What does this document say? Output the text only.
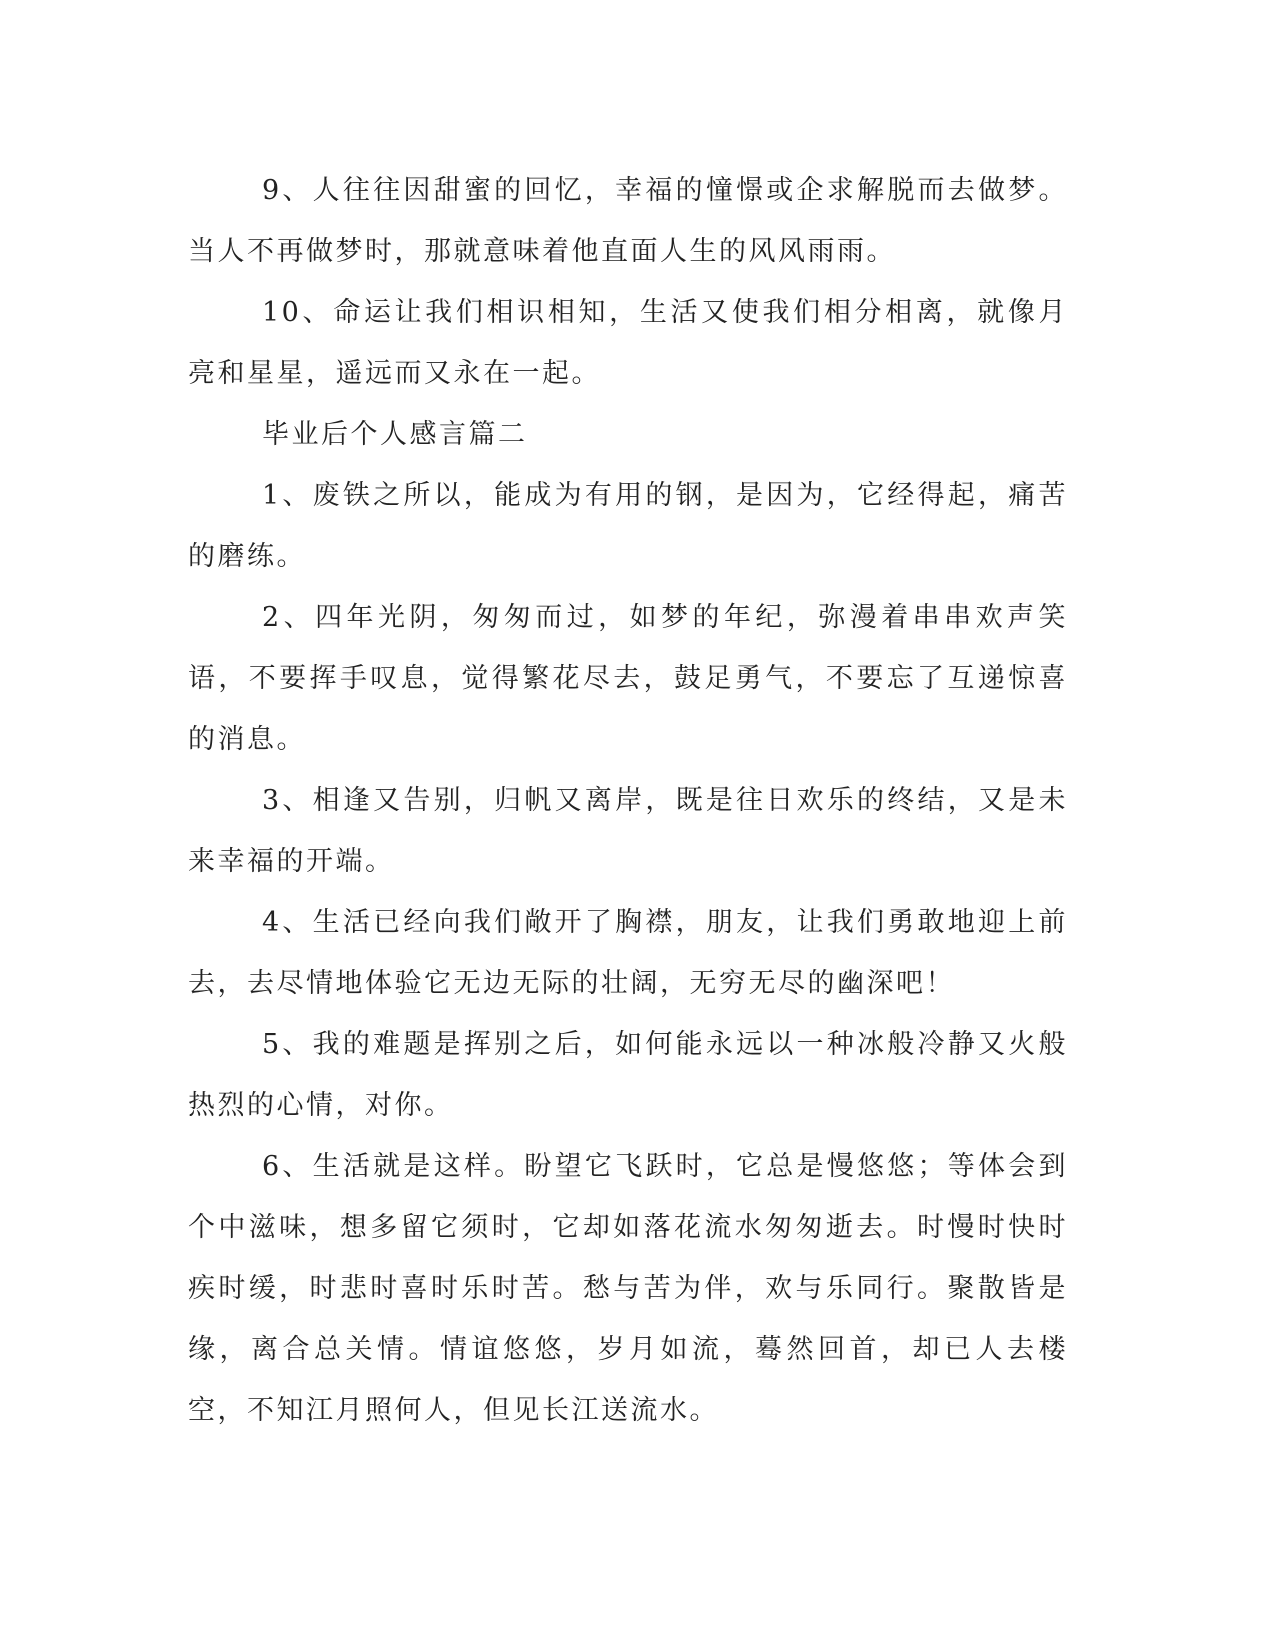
9、人往往因甜蜜的回忆，幸福的憧憬或企求解脱而去做梦。当人不再做梦时，那就意味着他直面人生的风风雨雨。

10、命运让我们相识相知，生活又使我们相分相离，就像月亮和星星，遥远而又永在一起。

毕业后个人感言篇二

1、废铁之所以，能成为有用的钢，是因为，它经得起，痛苦的磨练。

2、四年光阴，匆匆而过，如梦的年纪，弥漫着串串欢声笑语，不要挥手叹息，觉得繁花尽去，鼓足勇气，不要忘了互递惊喜的消息。

3、相逢又告别，归帆又离岸，既是往日欢乐的终结，又是未来幸福的开端。

4、生活已经向我们敞开了胸襟，朋友，让我们勇敢地迎上前去，去尽情地体验它无边无际的壮阔，无穷无尽的幽深吧！

5、我的难题是挥别之后，如何能永远以一种冰般冷静又火般热烈的心情，对你。

6、生活就是这样。盼望它飞跃时，它总是慢悠悠；等体会到个中滋味，想多留它须时，它却如落花流水匆匆逝去。时慢时快时疾时缓，时悲时喜时乐时苦。愁与苦为伴，欢与乐同行。聚散皆是缘，离合总关情。情谊悠悠，岁月如流，蓦然回首，却已人去楼空，不知江月照何人，但见长江送流水。
